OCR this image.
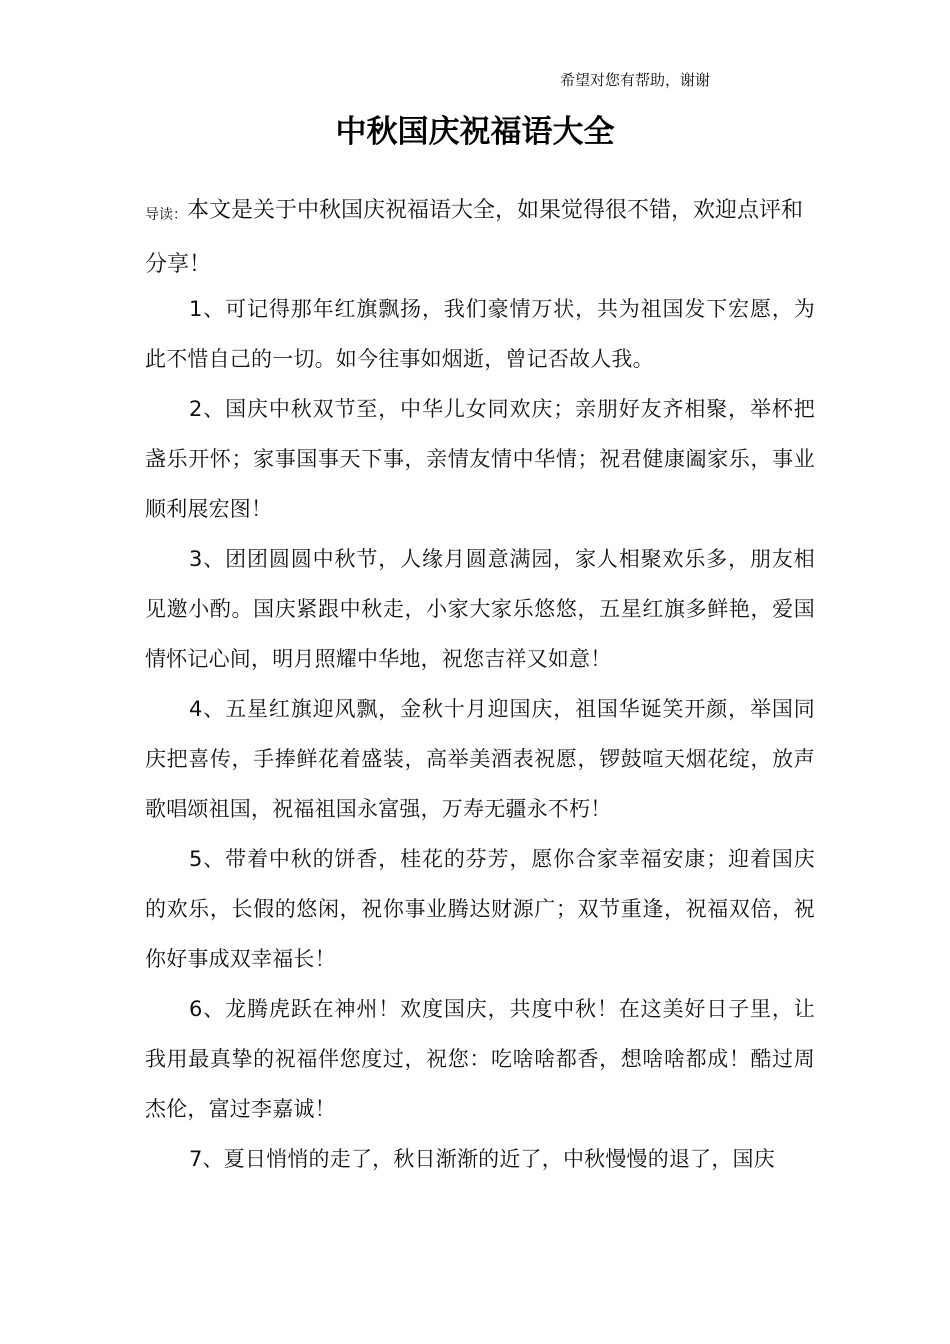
希望对您有帮助，谢谢
中秋国庆祝福语大全

导读：本文是关于中秋国庆祝福语大全，如果觉得很不错，欢迎点评和分享！

1、可记得那年红旗飘扬，我们豪情万状，共为祖国发下宏愿，为此不惜自己的一切。如今往事如烟逝，曾记否故人我。

2、国庆中秋双节至，中华儿女同欢庆；亲朋好友齐相聚，举杯把盏乐开怀；家事国事天下事，亲情友情中华情；祝君健康阖家乐，事业顺利展宏图！

3、团团圆圆中秋节，人缘月圆意满园，家人相聚欢乐多，朋友相见邀小酌。国庆紧跟中秋走，小家大家乐悠悠，五星红旗多鲜艳，爱国情怀记心间，明月照耀中华地，祝您吉祥又如意！

4、五星红旗迎风飘，金秋十月迎国庆，祖国华诞笑开颜，举国同庆把喜传，手捧鲜花着盛装，高举美酒表祝愿，锣鼓喧天烟花绽，放声歌唱颂祖国，祝福祖国永富强，万寿无疆永不朽！

5、带着中秋的饼香，桂花的芬芳，愿你合家幸福安康；迎着国庆的欢乐，长假的悠闲，祝你事业腾达财源广；双节重逢，祝福双倍，祝你好事成双幸福长！

6、龙腾虎跃在神州！欢度国庆，共度中秋！在这美好日子里，让我用最真挚的祝福伴您度过，祝您：吃啥啥都香，想啥啥都成！酷过周杰伦，富过李嘉诚！

7、夏日悄悄的走了，秋日渐渐的近了，中秋慢慢的退了，国庆
